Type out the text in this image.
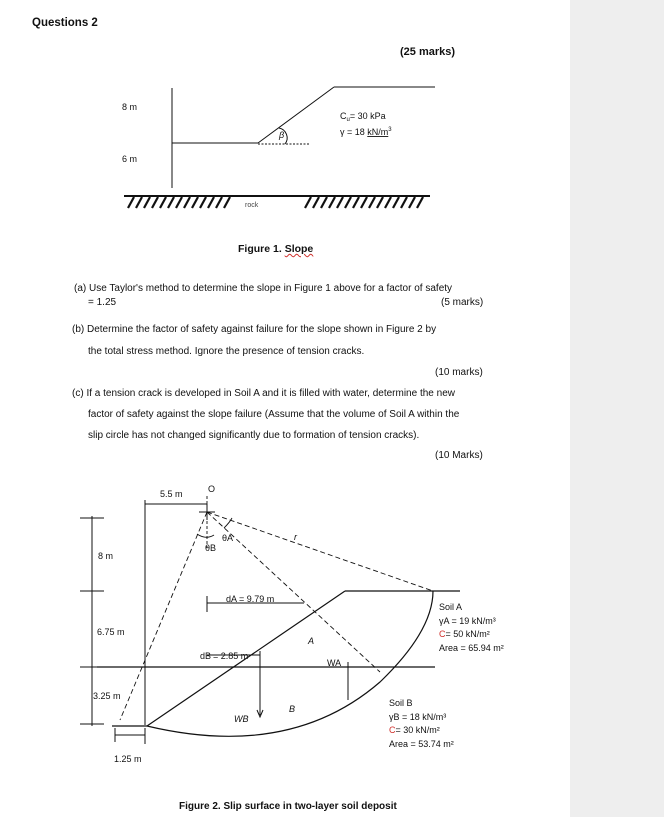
Questions 2
(25 marks)
8 m
6 m
β
rock
$C_u= 30$ kPa
γ = 18 $kN/m^3$
Figure 1. Slope
(a) Use Taylor's method to determine the slope in Figure 1 above for a factor of safety
= 1.25	(5 marks)
(b) Determine the factor of safety against failure for the slope shown in Figure 2 by
the total stress method. Ignore the presence of tension cracks.
(10 marks)
(c) If a tension crack is developed in Soil A and it is filled with water, determine the new
factor of safety against the slope failure (Assume that the volume of Soil A within the
slip circle has not changed significantly due to formation of tension cracks).
(10 Marks)
5.5 m	O
θA
θB
r
8 m
6.75 m
3.25 m
1.25 m
dA = 9.79 m
dB = 2.85 m
A
B
WA
WB
Soil A
γA = 19 kN/m³
C= 50 kN/m²
Area = 65.94 m²
Soil B
γB = 18 kN/m³
C= 30 kN/m²
Area = 53.74 m²
Figure 2. Slip surface in two-layer soil deposit
